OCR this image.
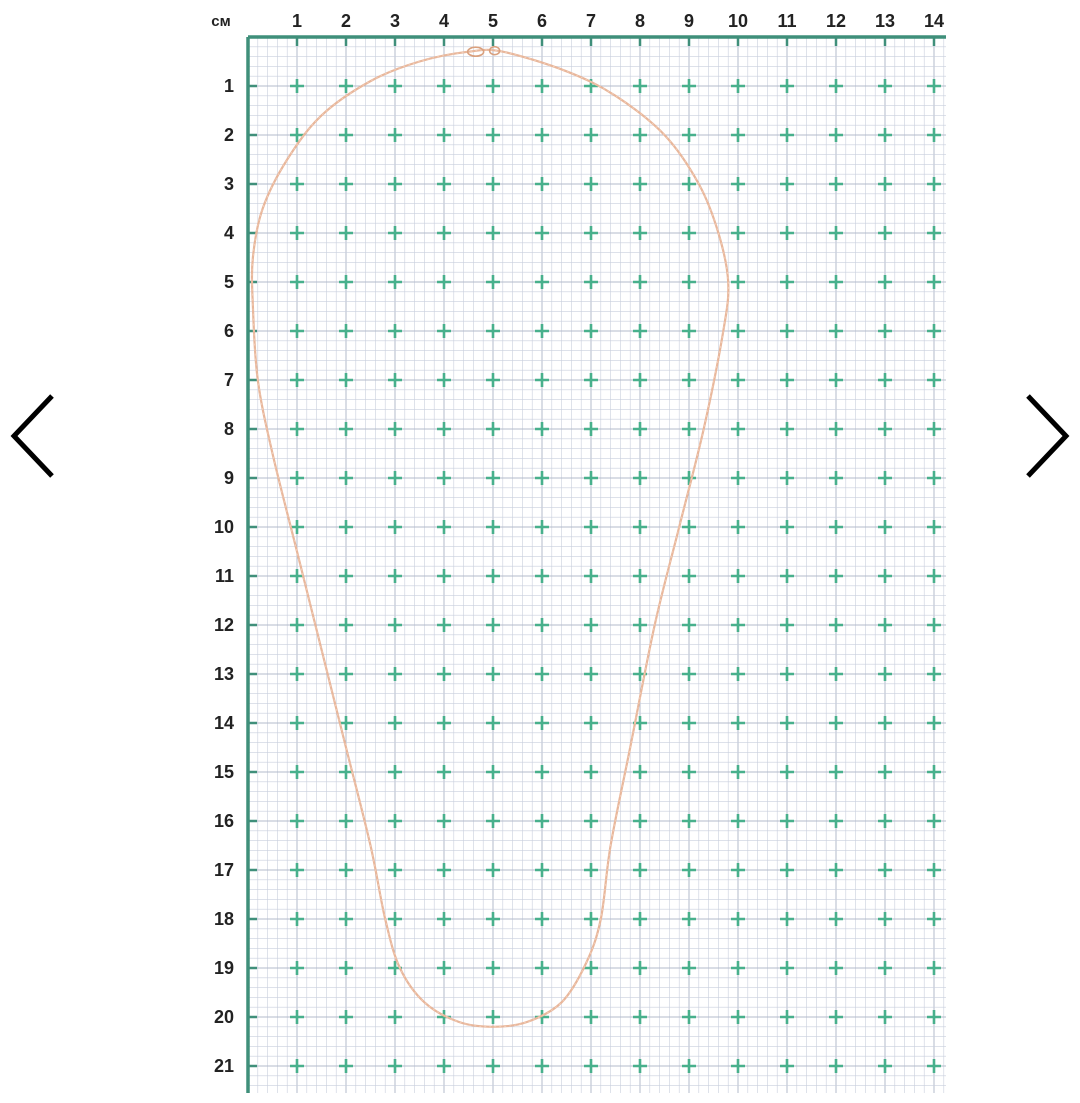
1 2 3 4 5 6 7 8 9 10 11 12 13 14
1
2
3
4
5
6
7
8
9
10
11
12
13
14
15
16
17
18
19
20
21
см
